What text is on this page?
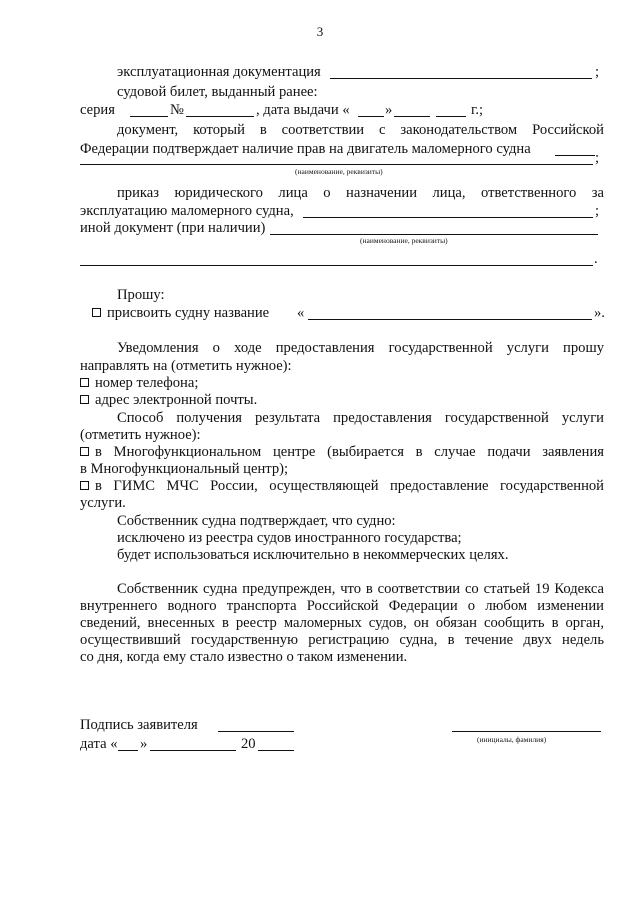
3
эксплуатационная документация	;
судовой билет, выданный ранее:
серия	№	, дата выдачи « »	г.;
документ, который в соответствии с законодательством Российской
Федерации подтверждает наличие прав на двигатель маломерного судна
;
(наименование, реквизиты)
приказ юридического лица о назначении лица, ответственного за
эксплуатацию маломерного судна,	;
иной документ (при наличии)
(наименование, реквизиты)
.
Прошу:
присвоить судну название «	».
Уведомления о ходе предоставления государственной услуги прошу
направлять на (отметить нужное):
номер телефона;
адрес электронной почты.
Способ получения результата предоставления государственной услуги
(отметить нужное):
в Многофункциональном центре (выбирается в случае подачи заявления
в Многофункциональный центр);
в ГИМС МЧС России, осуществляющей предоставление государственной
услуги.
Собственник судна подтверждает, что судно:
исключено из реестра судов иностранного государства;
будет использоваться исключительно в некоммерческих целях.
Собственник судна предупрежден, что в соответствии со статьей 19 Кодекса
внутреннего водного транспорта Российской Федерации о любом изменении
сведений, внесенных в реестр маломерных судов, он обязан сообщить в орган,
осуществивший государственную регистрацию судна, в течение двух недель
со дня, когда ему стало известно о таком изменении.
Подпись заявителя
(инициалы, фамилия)
дата « »	20
